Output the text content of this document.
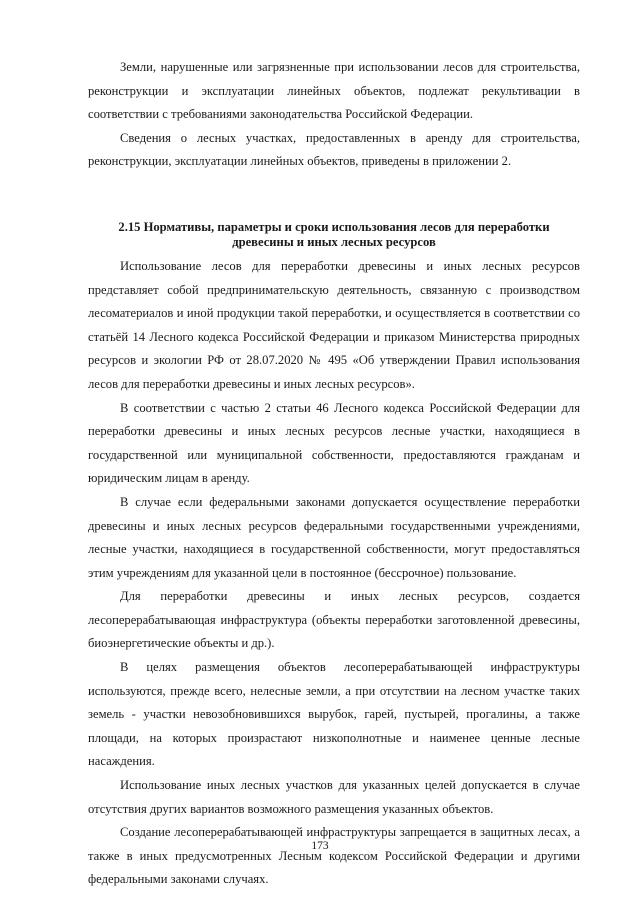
Земли, нарушенные или загрязненные при использовании лесов для строительства, реконструкции и эксплуатации линейных объектов, подлежат рекультивации в соответствии с требованиями законодательства Российской Федерации.

Сведения о лесных участках, предоставленных в аренду для строительства, реконструкции, эксплуатации линейных объектов, приведены в приложении 2.

2.15 Нормативы, параметры и сроки использования лесов для переработки
древесины и иных лесных ресурсов

Использование лесов для переработки древесины и иных лесных ресурсов представляет собой предпринимательскую деятельность, связанную с производством лесоматериалов и иной продукции такой переработки, и осуществляется в соответствии со статьёй 14 Лесного кодекса Российской Федерации и приказом Министерства природных ресурсов и экологии РФ от 28.07.2020 № 495 «Об утверждении Правил использования лесов для переработки древесины и иных лесных ресурсов».

В соответствии с частью 2 статьи 46 Лесного кодекса Российской Федерации для переработки древесины и иных лесных ресурсов лесные участки, находящиеся в государственной или муниципальной собственности, предоставляются гражданам и юридическим лицам в аренду.

В случае если федеральными законами допускается осуществление переработки древесины и иных лесных ресурсов федеральными государственными учреждениями, лесные участки, находящиеся в государственной собственности, могут предоставляться этим учреждениям для указанной цели в постоянное (бессрочное) пользование.

Для переработки древесины и иных лесных ресурсов, создается лесоперерабатывающая инфраструктура (объекты переработки заготовленной древесины, биоэнергетические объекты и др.).

В целях размещения объектов лесоперерабатывающей инфраструктуры используются, прежде всего, нелесные земли, а при отсутствии на лесном участке таких земель - участки невозобновившихся вырубок, гарей, пустырей, прогалины, а также площади, на которых произрастают низкополнотные и наименее ценные лесные насаждения.

Использование иных лесных участков для указанных целей допускается в случае отсутствия других вариантов возможного размещения указанных объектов.

Создание лесоперерабатывающей инфраструктуры запрещается в защитных лесах, а также в иных предусмотренных Лесным кодексом Российской Федерации и другими федеральными законами случаях.

173
